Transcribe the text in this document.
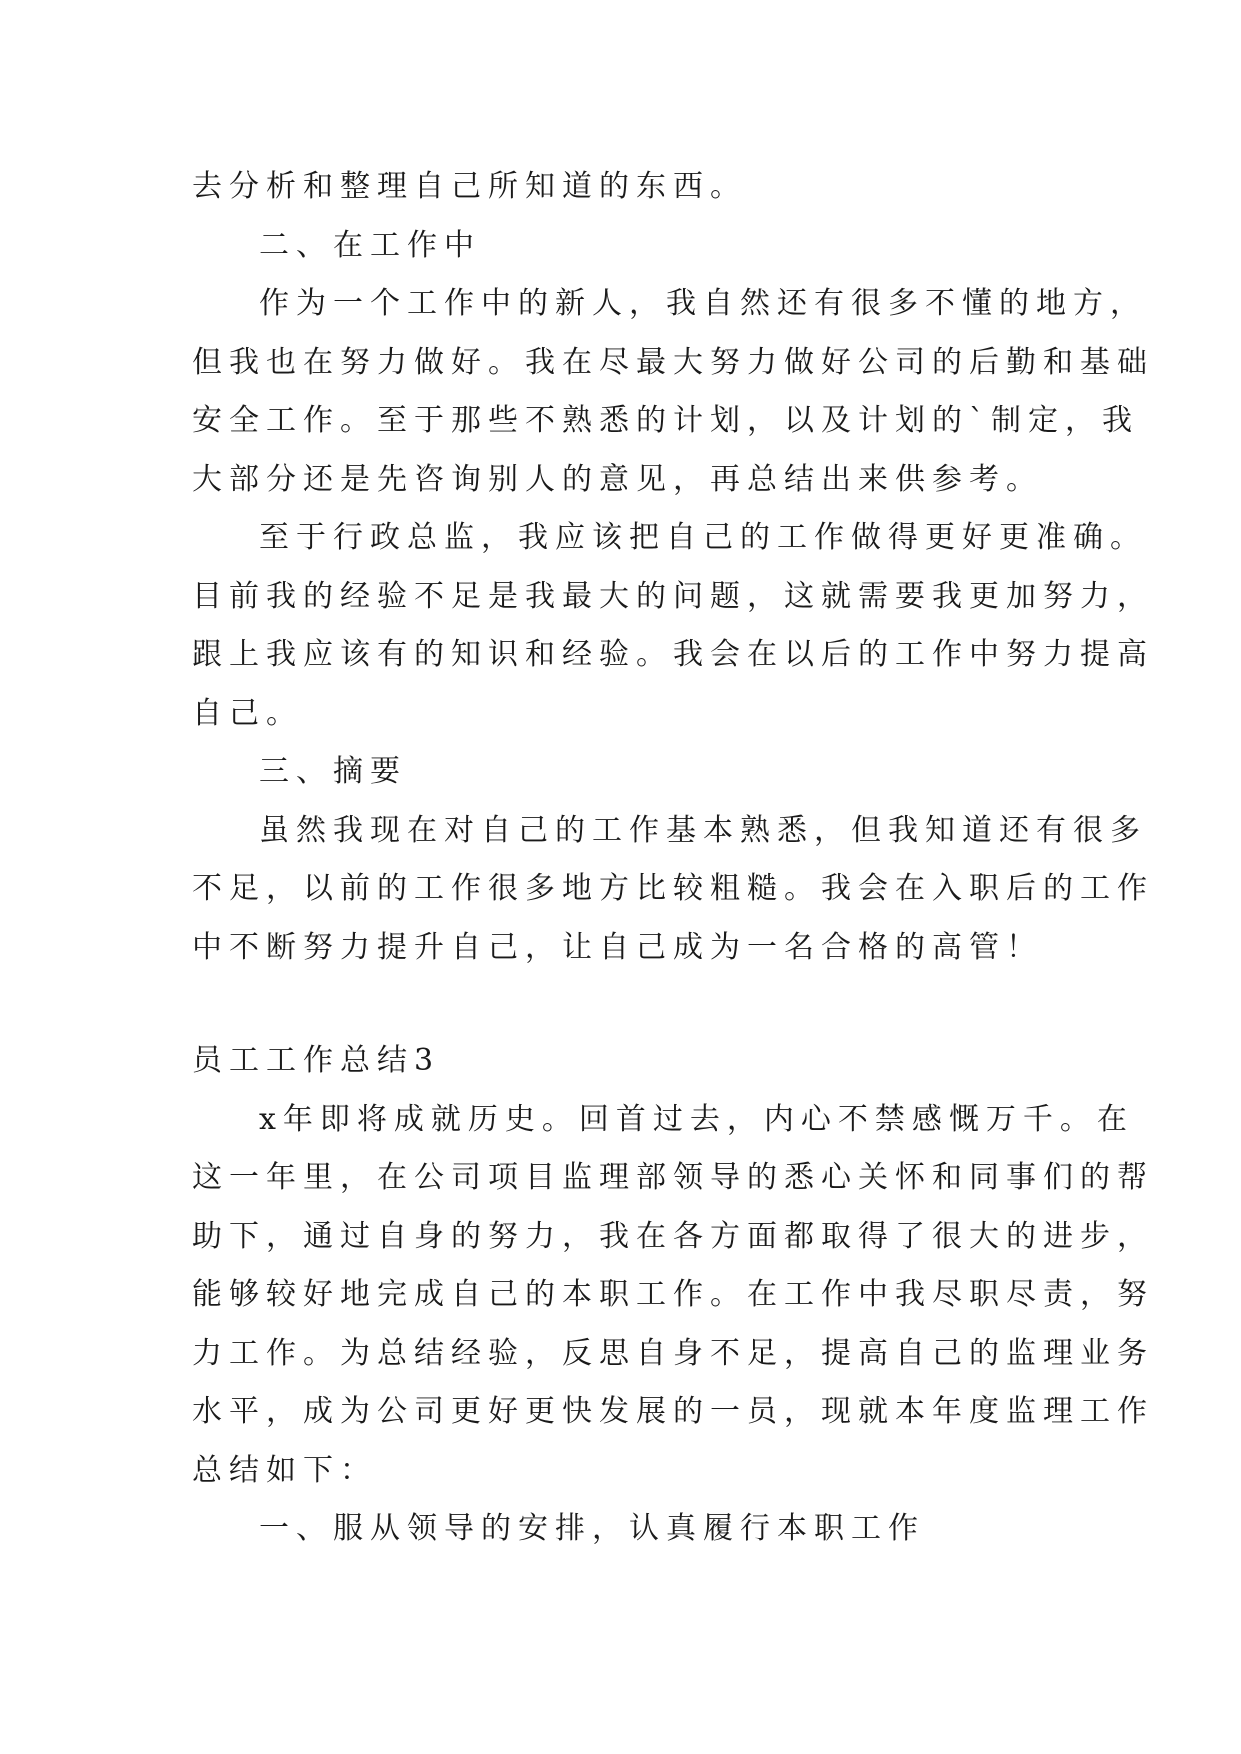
去分析和整理自己所知道的东西。
二、在工作中
作为一个工作中的新人，我自然还有很多不懂的地方，
但我也在努力做好。我在尽最大努力做好公司的后勤和基础
安全工作。至于那些不熟悉的计划，以及计划的`制定，我
大部分还是先咨询别人的意见，再总结出来供参考。
至于行政总监，我应该把自己的工作做得更好更准确。
目前我的经验不足是我最大的问题，这就需要我更加努力，
跟上我应该有的知识和经验。我会在以后的工作中努力提高
自己。
三、摘要
虽然我现在对自己的工作基本熟悉，但我知道还有很多
不足，以前的工作很多地方比较粗糙。我会在入职后的工作
中不断努力提升自己，让自己成为一名合格的高管！
员工工作总结3
x年即将成就历史。回首过去，内心不禁感慨万千。在
这一年里，在公司项目监理部领导的悉心关怀和同事们的帮
助下，通过自身的努力，我在各方面都取得了很大的进步，
能够较好地完成自己的本职工作。在工作中我尽职尽责，努
力工作。为总结经验，反思自身不足，提高自己的监理业务
水平，成为公司更好更快发展的一员，现就本年度监理工作
总结如下：
一、服从领导的安排，认真履行本职工作
